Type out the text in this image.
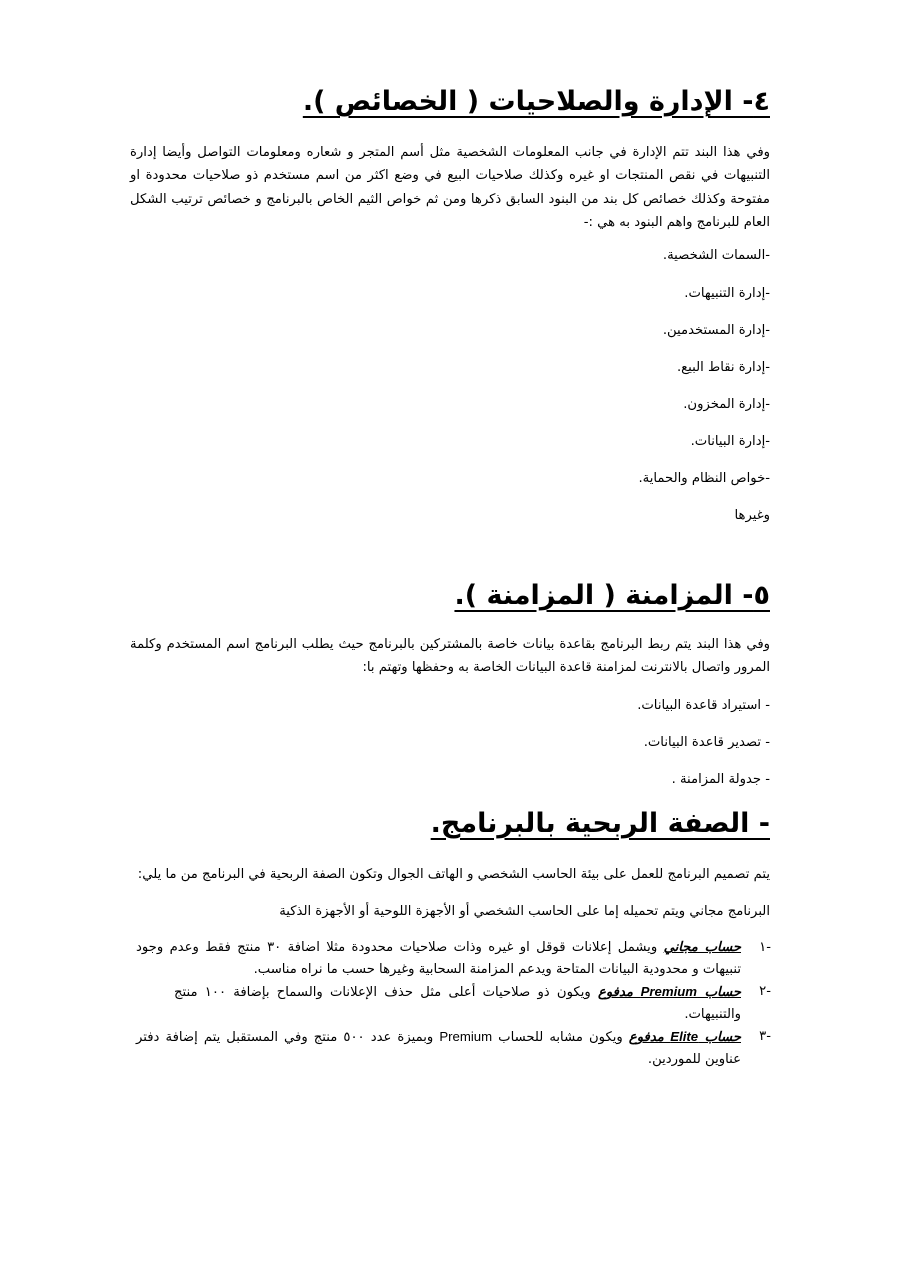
٤- الإدارة والصلاحيات ( الخصائص ).
وفي هذا البند تتم الإدارة في جانب المعلومات الشخصية مثل أسم المتجر و شعاره ومعلومات التواصل وأيضا إدارة التنبيهات في نقص المنتجات او غيره وكذلك صلاحيات البيع في وضع اكثر من اسم مستخدم ذو صلاحيات محدودة او مفتوحة وكذلك خصائص كل بند من البنود السابق ذكرها ومن ثم خواص الثيم الخاص بالبرنامج و خصائص ترتيب الشكل العام للبرنامج واهم البنود به هي :-
-السمات الشخصية.
-إدارة التنبيهات.
-إدارة المستخدمين.
-إدارة نقاط البيع.
-إدارة المخزون.
-إدارة البيانات.
-خواص النظام والحماية.
وغيرها
٥- المزامنة ( المزامنة ).
وفي هذا البند يتم ربط البرنامج بقاعدة بيانات خاصة بالمشتركين بالبرنامج حيث يطلب البرنامج اسم المستخدم وكلمة المرور واتصال بالانترنت لمزامنة قاعدة البيانات الخاصة به وحفظها وتهتم با:
- استيراد قاعدة البيانات.
- تصدير قاعدة البيانات.
- جدولة المزامنة .
- الصفة الربحية بالبرنامج.
يتم تصميم البرنامج للعمل على بيئة الحاسب الشخصي و الهاتف الجوال وتكون الصفة الربحية في البرنامج من ما يلي:
البرنامج مجاني ويتم تحميله إما على الحاسب الشخصي أو الأجهزة اللوحية أو الأجهزة الذكية
-١
حساب مجاني ويشمل إعلانات قوقل او غيره وذات صلاحيات محدودة مثلا اضافة ٣٠ منتج فقط وعدم وجود تنبيهات و محدودية البيانات المتاحة ويدعم المزامنة السحابية وغيرها حسب ما نراه مناسب.
-٢
حساب Premium مدفوع ويكون ذو صلاحيات أعلى مثل حذف الإعلانات والسماح بإضافة ١٠٠ منتج والتنبيهات.
-٣
حساب Elite مدفوع ويكون مشابه للحساب Premium وبميزة عدد ٥٠٠ منتج وفي المستقبل يتم إضافة دفتر عناوين للموردين.
